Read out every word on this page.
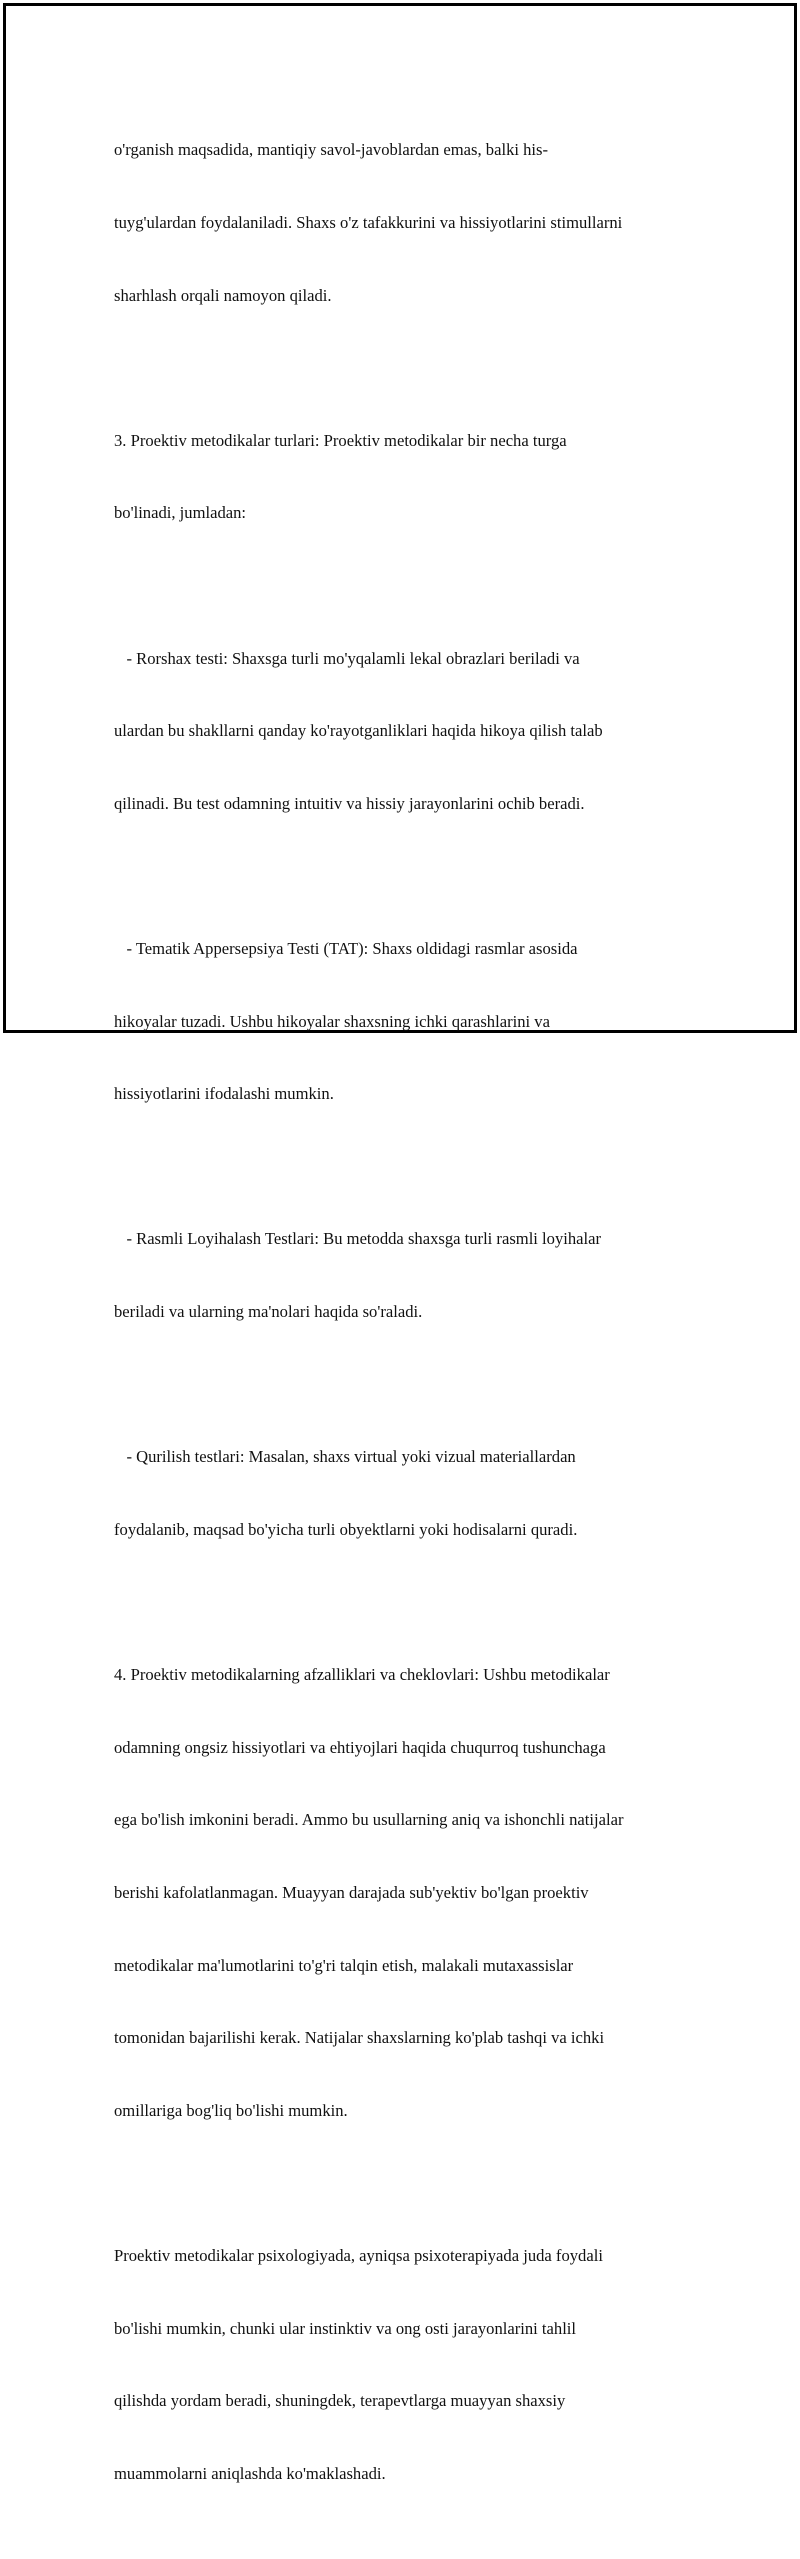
o'rganish maqsadida, mantiqiy savol-javoblardan emas, balki his-

tuyg'ulardan foydalaniladi. Shaxs o'z tafakkurini va hissiyotlarini stimullarni

sharhlash orqali namoyon qiladi.

3. Proektiv metodikalar turlari: Proektiv metodikalar bir necha turga

bo'linadi, jumladan:

- Rorshax testi: Shaxsga turli mo'yqalamli lekal obrazlari beriladi va

ulardan bu shakllarni qanday ko'rayotganliklari haqida hikoya qilish talab

qilinadi. Bu test odamning intuitiv va hissiy jarayonlarini ochib beradi.

- Tematik Appersepsiya Testi (TAT): Shaxs oldidagi rasmlar asosida

hikoyalar tuzadi. Ushbu hikoyalar shaxsning ichki qarashlarini va

hissiyotlarini ifodalashi mumkin.

- Rasmli Loyihalash Testlari: Bu metodda shaxsga turli rasmli loyihalar

beriladi va ularning ma'nolari haqida so'raladi.

- Qurilish testlari: Masalan, shaxs virtual yoki vizual materiallardan

foydalanib, maqsad bo'yicha turli obyektlarni yoki hodisalarni quradi.

4. Proektiv metodikalarning afzalliklari va cheklovlari: Ushbu metodikalar

odamning ongsiz hissiyotlari va ehtiyojlari haqida chuqurroq tushunchaga

ega bo'lish imkonini beradi. Ammo bu usullarning aniq va ishonchli natijalar

berishi kafolatlanmagan. Muayyan darajada sub'yektiv bo'lgan proektiv

metodikalar ma'lumotlarini to'g'ri talqin etish, malakali mutaxassislar

tomonidan bajarilishi kerak. Natijalar shaxslarning ko'plab tashqi va ichki

omillariga bog'liq bo'lishi mumkin.

Proektiv metodikalar psixologiyada, ayniqsa psixoterapiyada juda foydali

bo'lishi mumkin, chunki ular instinktiv va ong osti jarayonlarini tahlil

qilishda yordam beradi, shuningdek, terapevtlarga muayyan shaxsiy

muammolarni aniqlashda ko'maklashadi.
